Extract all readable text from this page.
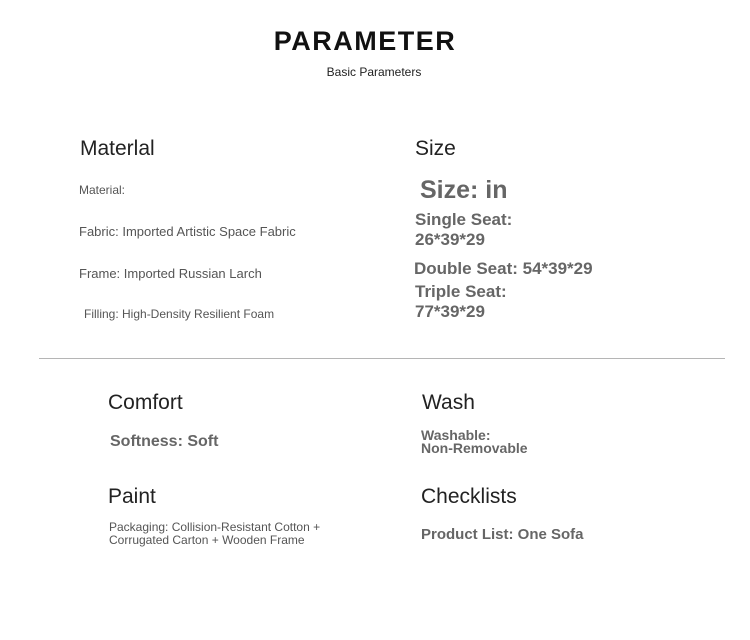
PARAMETER
Basic Parameters
Materlal
Material:
Fabric: Imported Artistic Space Fabric
Frame: Imported Russian Larch
Filling: High-Density Resilient Foam
Size
Size: in
Single Seat:
26*39*29
Double Seat: 54*39*29
Triple Seat:
77*39*29
Comfort
Softness: Soft
Wash
Washable:
Non-Removable
Paint
Packaging: Collision-Resistant Cotton +
Corrugated Carton + Wooden Frame
Checklists
Product List: One Sofa
